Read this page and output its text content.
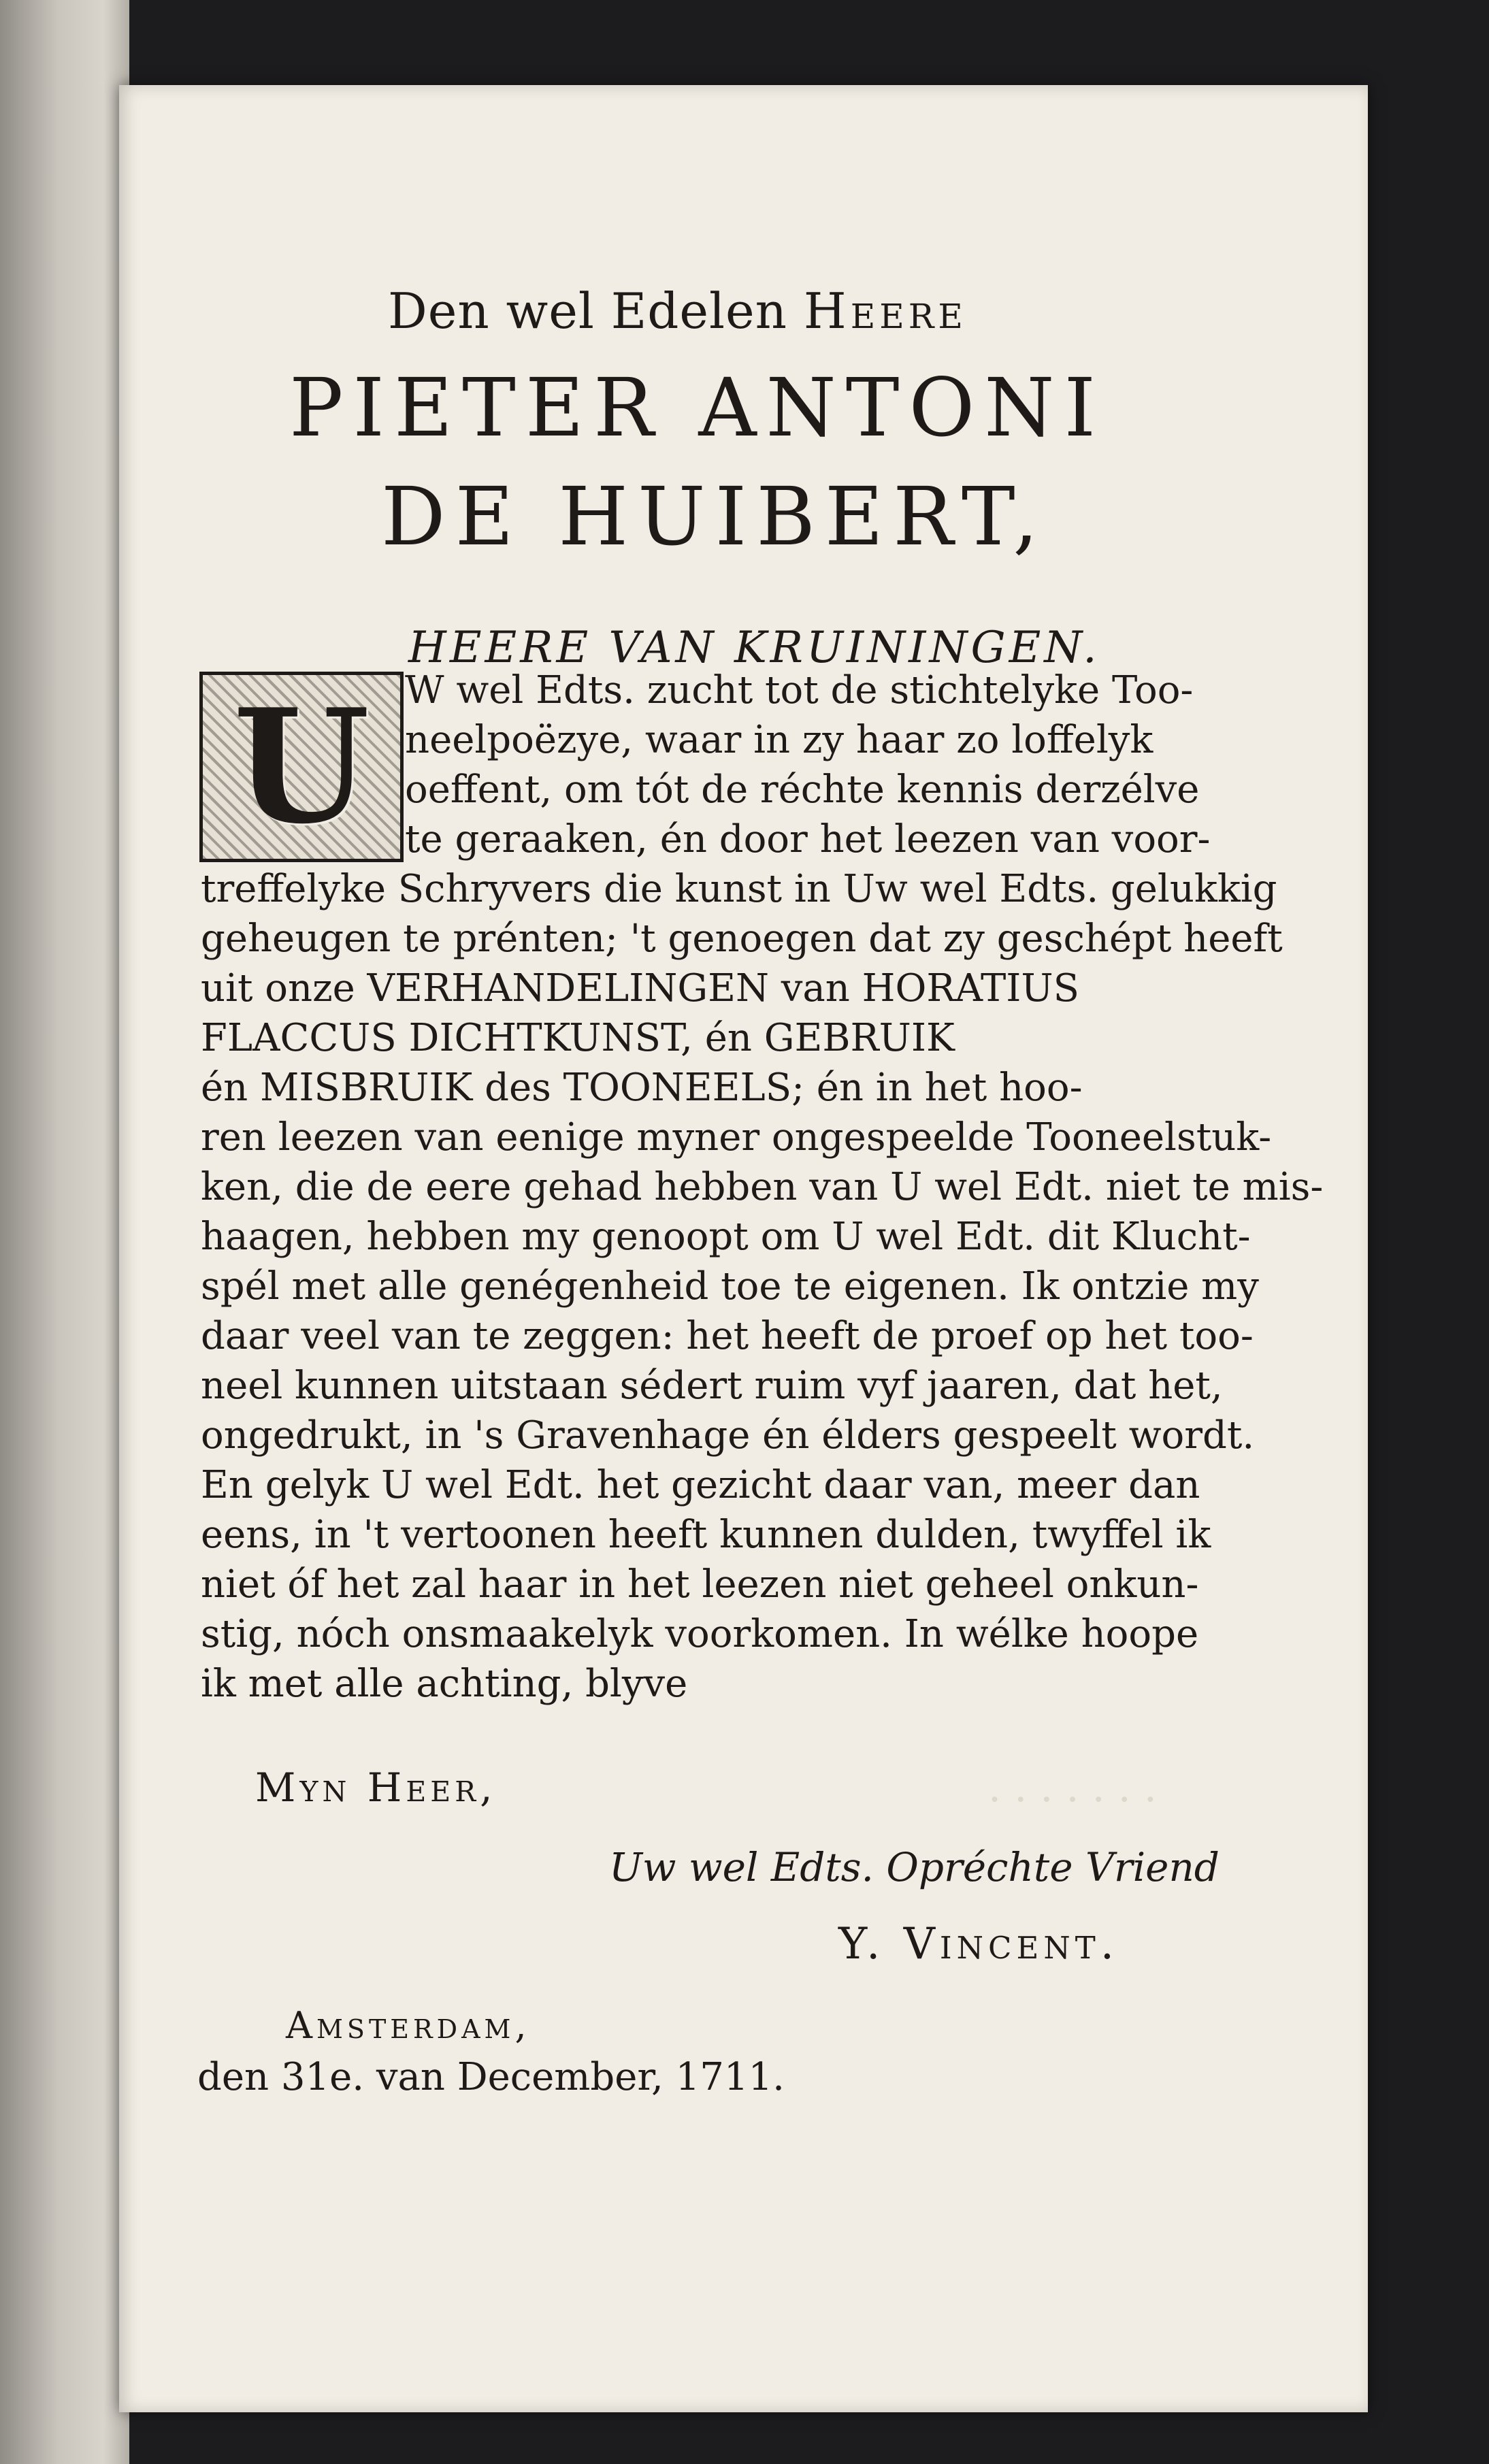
· · · · · · ·
Den wel Edelen Heere
PIETER ANTONI
DE HUIBERT,
HEERE VAN KRUININGEN.
U W wel Edts. zucht tot de stichtelyke Too-
neelpoëzye, waar in zy haar zo loffelyk
oeffent, om tót de réchte kennis derzélve
te geraaken, én door het leezen van voor-
treffelyke Schryvers die kunst in Uw wel Edts. gelukkig
geheugen te prénten; 't genoegen dat zy geschépt heeft
uit onze VERHANDELINGEN van HORATIUS
FLACCUS DICHTKUNST, én GEBRUIK
én MISBRUIK des TOONEELS; én in het hoo-
ren leezen van eenige myner ongespeelde Tooneelstuk-
ken, die de eere gehad hebben van U wel Edt. niet te mis-
haagen, hebben my genoopt om U wel Edt. dit Klucht-
spél met alle genégenheid toe te eigenen. Ik ontzie my
daar veel van te zeggen: het heeft de proef op het too-
neel kunnen uitstaan sédert ruim vyf jaaren, dat het,
ongedrukt, in 's Gravenhage én élders gespeelt wordt.
En gelyk U wel Edt. het gezicht daar van, meer dan
eens, in 't vertoonen heeft kunnen dulden, twyffel ik
niet óf het zal haar in het leezen niet geheel onkun-
stig, nóch onsmaakelyk voorkomen. In wélke hoope
ik met alle achting, blyve
Myn Heer,
Uw wel Edts. Opréchte Vriend
Y. Vincent.
Amsterdam,
den 31e. van December, 1711.
